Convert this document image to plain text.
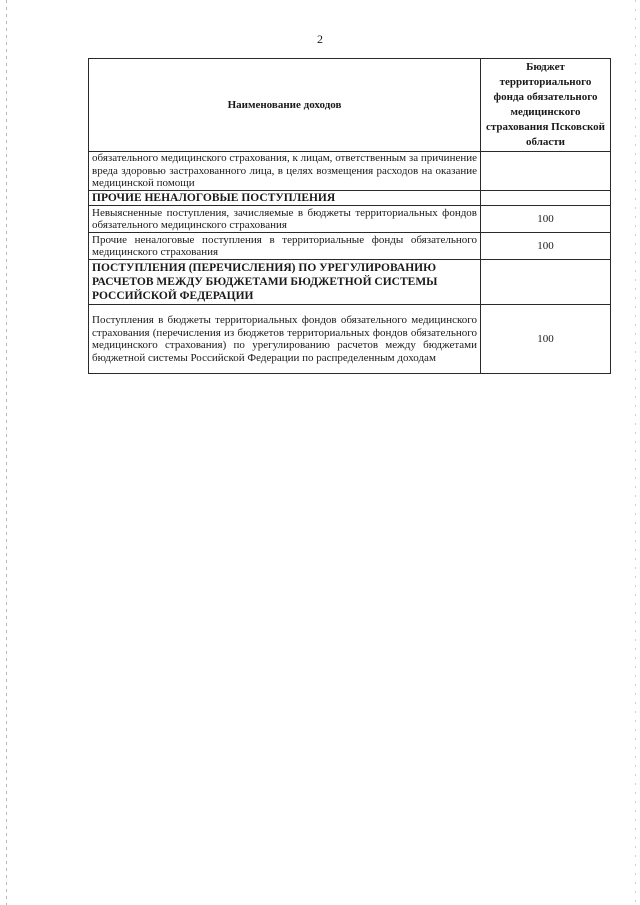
2
Наименование доходов	Бюджет территориального фонда обязательного медицинского страхования Псковской области
обязательного медицинского страхования, к лицам, ответственным за причинение вреда здоровью застрахованного лица, в целях возмещения расходов на оказание медицинской помощи	
ПРОЧИЕ НЕНАЛОГОВЫЕ ПОСТУПЛЕНИЯ	
Невыясненные поступления, зачисляемые в бюджеты территориальных фондов обязательного медицинского страхования	100
Прочие неналоговые поступления в территориальные фонды обязательного медицинского страхования	100
ПОСТУПЛЕНИЯ (ПЕРЕЧИСЛЕНИЯ) ПО УРЕГУЛИРОВАНИЮ РАСЧЕТОВ МЕЖДУ БЮДЖЕТАМИ БЮДЖЕТНОЙ СИСТЕМЫ РОССИЙСКОЙ ФЕДЕРАЦИИ	
Поступления в бюджеты территориальных фондов обязательного медицинского страхования (перечисления из бюджетов территориальных фондов обязательного медицинского страхования) по урегулированию расчетов между бюджетами бюджетной системы Российской Федерации по распределенным доходам	100
